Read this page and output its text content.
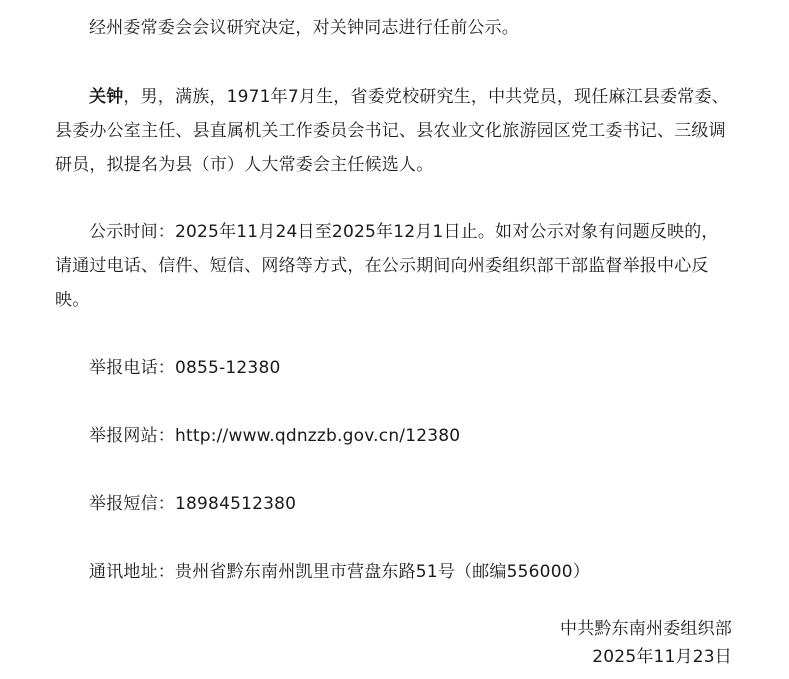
经州委常委会会议研究决定，对关钟同志进行任前公示。

关钟，男，满族，1971年7月生，省委党校研究生，中共党员，现任麻江县委常委、县委办公室主任、县直属机关工作委员会书记、县农业文化旅游园区党工委书记、三级调研员，拟提名为县（市）人大常委会主任候选人。

公示时间：2025年11月24日至2025年12月1日止。如对公示对象有问题反映的，请通过电话、信件、短信、网络等方式，在公示期间向州委组织部干部监督举报中心反映。

举报电话：0855-12380

举报网站：http://www.qdnzzb.gov.cn/12380

举报短信：18984512380

通讯地址：贵州省黔东南州凯里市营盘东路51号（邮编556000）

中共黔东南州委组织部

2025年11月23日
